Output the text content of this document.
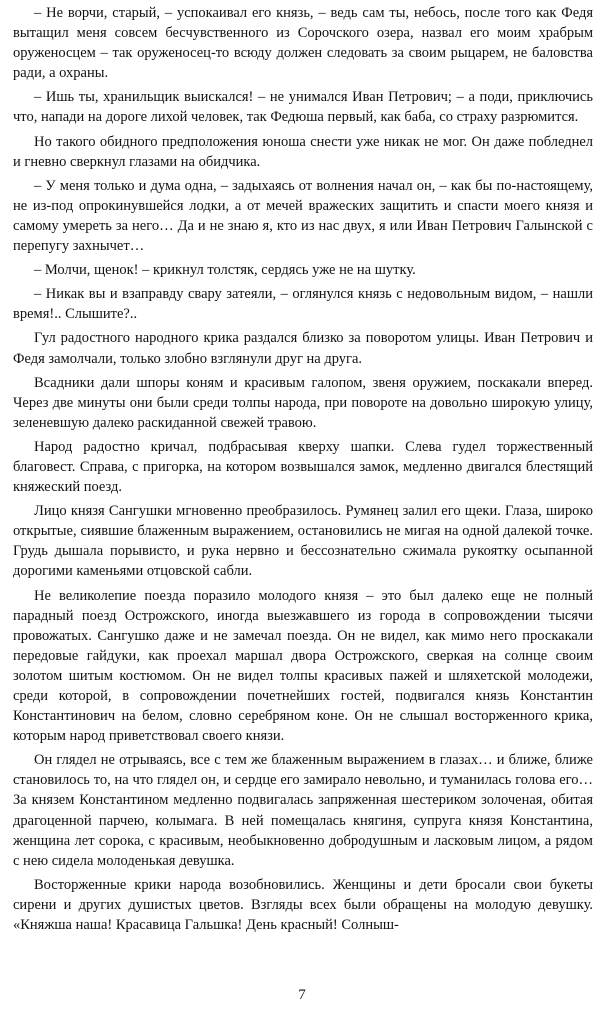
– Не ворчи, старый, – успокаивал его князь, – ведь сам ты, небось, после того как Федя вытащил меня совсем бесчувственного из Сорочского озера, назвал его моим храбрым оруженосцем – так оруженосец-то всюду должен следовать за своим рыцарем, не баловства ради, а охраны.

– Ишь ты, хранильщик выискался! – не унимался Иван Петрович; – а поди, приключись что, напади на дороге лихой человек, так Федюша первый, как баба, со страху разрюмится.

Но такого обидного предположения юноша снести уже никак не мог. Он даже побледнел и гневно сверкнул глазами на обидчика.

– У меня только и дума одна, – задыхаясь от волнения начал он, – как бы по-настоящему, не из-под опрокинувшейся лодки, а от мечей вражеских защитить и спасти моего князя и самому умереть за него… Да и не знаю я, кто из нас двух, я или Иван Петрович Галынской с перепугу захнычет…

– Молчи, щенок! – крикнул толстяк, сердясь уже не на шутку.

– Никак вы и взаправду свару затеяли, – оглянулся князь с недовольным видом, – нашли время!.. Слышите?..

Гул радостного народного крика раздался близко за поворотом улицы. Иван Петрович и Федя замолчали, только злобно взглянули друг на друга.

Всадники дали шпоры коням и красивым галопом, звеня оружием, поскакали вперед. Через две минуты они были среди толпы народа, при повороте на довольно широкую улицу, зеленевшую далеко раскиданной свежей травою.

Народ радостно кричал, подбрасывая кверху шапки. Слева гудел торжественный благовест. Справа, с пригорка, на котором возвышался замок, медленно двигался блестящий княжеский поезд.

Лицо князя Сангушки мгновенно преобразилось. Румянец залил его щеки. Глаза, широко открытые, сиявшие блаженным выражением, остановились не мигая на одной далекой точке. Грудь дышала порывисто, и рука нервно и бессознательно сжимала рукоятку осыпанной дорогими каменьями отцовской сабли.

Не великолепие поезда поразило молодого князя – это был далеко еще не полный парадный поезд Острожского, иногда выезжавшего из города в сопровождении тысячи провожатых. Сангушко даже и не замечал поезда. Он не видел, как мимо него проскакали передовые гайдуки, как проехал маршал двора Острожского, сверкая на солнце своим золотом шитым костюмом. Он не видел толпы красивых пажей и шляхетской молодежи, среди которой, в сопровождении почетнейших гостей, подвигался князь Константин Константинович на белом, словно серебряном коне. Он не слышал восторженного крика, которым народ приветствовал своего князи.

Он глядел не отрываясь, все с тем же блаженным выражением в глазах… и ближе, ближе становилось то, на что глядел он, и сердце его замирало невольно, и туманилась голова его… За князем Константином медленно подвигалась запряженная шестериком золоченая, обитая драгоценной парчею, колымага. В ней помещалась княгиня, супруга князя Константина, женщина лет сорока, с красивым, необыкновенно добродушным и ласковым лицом, а рядом с нею сидела молоденькая девушка.

Восторженные крики народа возобновились. Женщины и дети бросали свои букеты сирени и других душистых цветов. Взгляды всех были обращены на молодую девушку. «Княжша наша! Красавица Гальшка! День красный! Солныш-

7
